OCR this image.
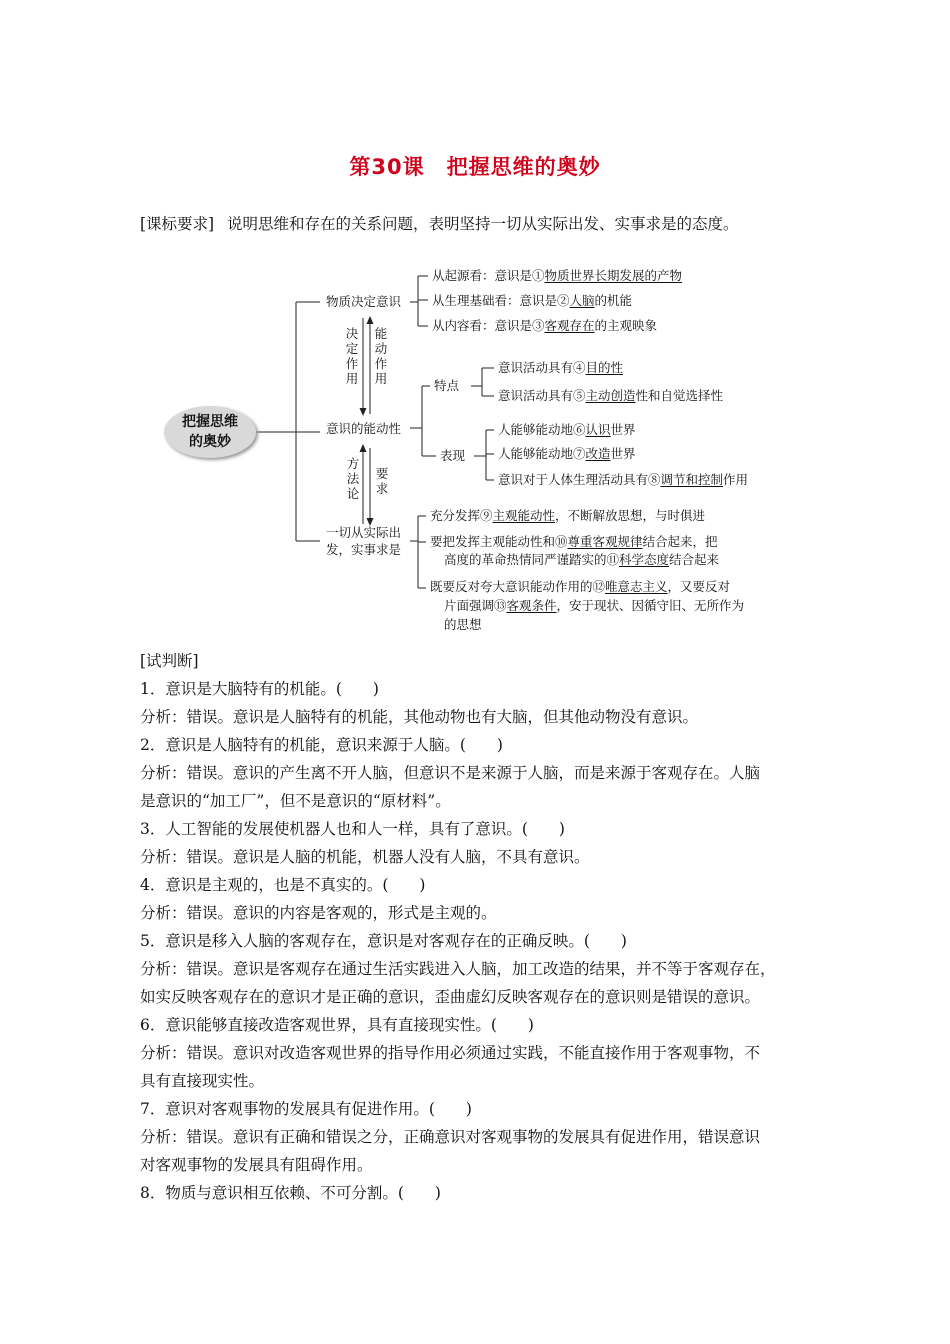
第30课　把握思维的奥妙
[课标要求] 说明思维和存在的关系问题，表明坚持一切从实际出发、实事求是的态度。
把握思维
的奥妙
物质决定意识
从起源看：意识是①物质世界长期发展的产物
从生理基础看：意识是②人脑的机能
从内容看：意识是③客观存在的主观映象
决定作用
能动作用
意识的能动性
特点
意识活动具有④目的性
意识活动具有⑤主动创造性和自觉选择性
表现
人能够能动地⑥认识世界
人能够能动地⑦改造世界
意识对于人体生理活动具有⑧调节和控制作用
方法论
要求
一切从实际出
发，实事求是
充分发挥⑨主观能动性，不断解放思想，与时俱进
要把发挥主观能动性和⑩尊重客观规律结合起来，把
高度的革命热情同严谨踏实的⑪科学态度结合起来
既要反对夸大意识能动作用的⑫唯意志主义，又要反对
片面强调⑬客观条件，安于现状、因循守旧、无所作为
的思想

[试判断]

1．意识是大脑特有的机能。(　　)

分析：错误。意识是人脑特有的机能，其他动物也有大脑，但其他动物没有意识。

2．意识是人脑特有的机能，意识来源于人脑。(　　)

分析：错误。意识的产生离不开人脑，但意识不是来源于人脑，而是来源于客观存在。人脑

是意识的“加工厂”，但不是意识的“原材料”。

3．人工智能的发展使机器人也和人一样，具有了意识。(　　)

分析：错误。意识是人脑的机能，机器人没有人脑，不具有意识。

4．意识是主观的，也是不真实的。(　　)

分析：错误。意识的内容是客观的，形式是主观的。

5．意识是移入人脑的客观存在，意识是对客观存在的正确反映。(　　)

分析：错误。意识是客观存在通过生活实践进入人脑，加工改造的结果，并不等于客观存在，

如实反映客观存在的意识才是正确的意识，歪曲虚幻反映客观存在的意识则是错误的意识。

6．意识能够直接改造客观世界，具有直接现实性。(　　)

分析：错误。意识对改造客观世界的指导作用必须通过实践，不能直接作用于客观事物，不

具有直接现实性。

7．意识对客观事物的发展具有促进作用。(　　)

分析：错误。意识有正确和错误之分，正确意识对客观事物的发展具有促进作用，错误意识

对客观事物的发展具有阻碍作用。

8．物质与意识相互依赖、不可分割。(　　)
